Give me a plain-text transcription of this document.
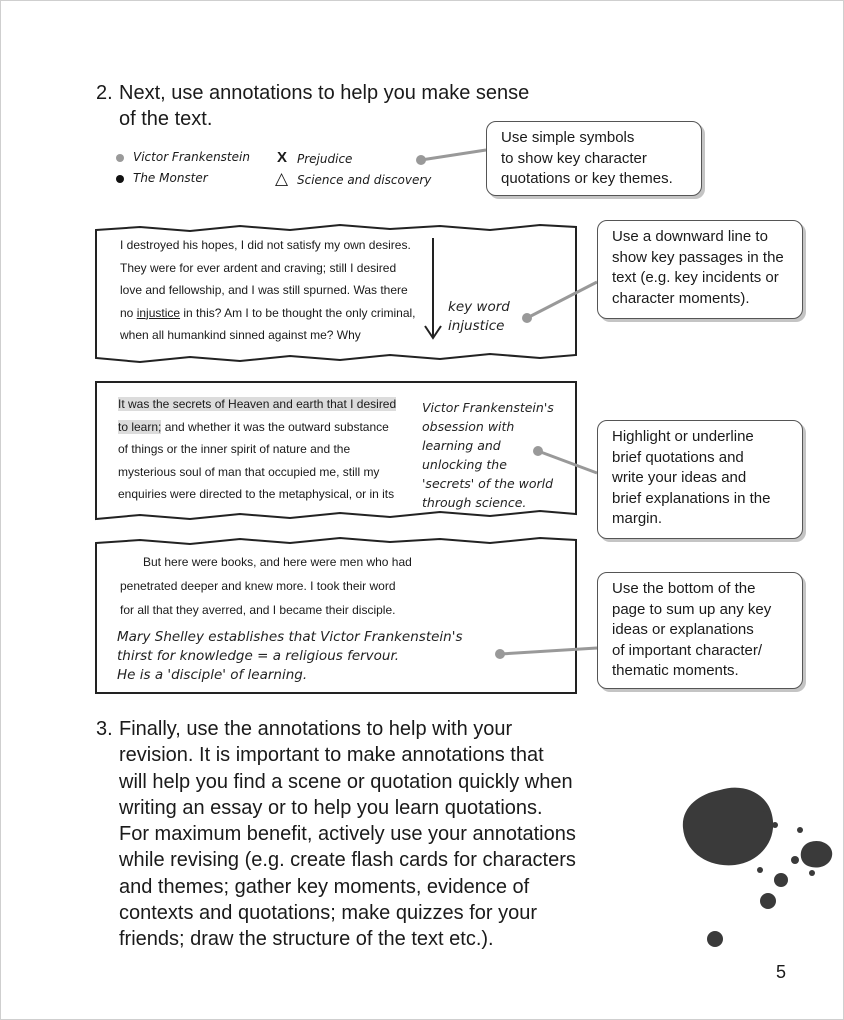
2. Next, use annotations to help you make sense
of the text.
Victor Frankenstein
The Monster
X Prejudice
△ Science and discovery
Use simple symbols
to show key character
quotations or key themes.
Use a downward line to
show key passages in the
text (e.g. key incidents or
character moments).
Highlight or underline
brief quotations and
write your ideas and
brief explanations in the
margin.
Use the bottom of the
page to sum up any key
ideas or explanations
of important character/
thematic moments.
I destroyed his hopes, I did not satisfy my own desires.
They were for ever ardent and craving; still I desired
love and fellowship, and I was still spurned. Was there
no injustice in this? Am I to be thought the only criminal,
when all humankind sinned against me? Why
key word
injustice
It was the secrets of Heaven and earth that I desired
to learn; and whether it was the outward substance
of things or the inner spirit of nature and the
mysterious soul of man that occupied me, still my
enquiries were directed to the metaphysical, or in its
Victor Frankenstein's
obsession with
learning and
unlocking the
'secrets' of the world
through science.
But here were books, and here were men who had
penetrated deeper and knew more. I took their word
for all that they averred, and I became their disciple.
Mary Shelley establishes that Victor Frankenstein's
thirst for knowledge = a religious fervour.
He is a 'disciple' of learning.
3. Finally, use the annotations to help with your
revision. It is important to make annotations that
will help you find a scene or quotation quickly when
writing an essay or to help you learn quotations.
For maximum benefit, actively use your annotations
while revising (e.g. create flash cards for characters
and themes; gather key moments, evidence of
contexts and quotations; make quizzes for your
friends; draw the structure of the text etc.).
5
